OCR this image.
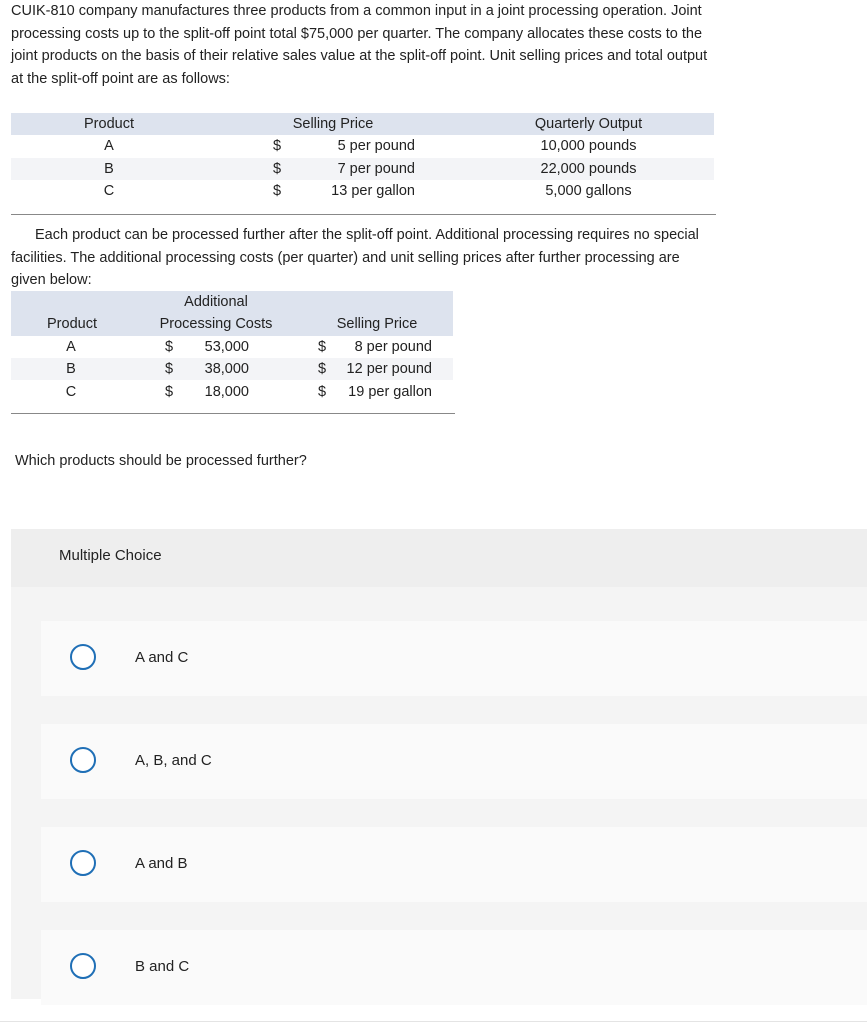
CUIK-810 company manufactures three products from a common input in a joint processing operation. Joint processing costs up to the split-off point total $75,000 per quarter. The company allocates these costs to the joint products on the basis of their relative sales value at the split-off point. Unit selling prices and total output at the split-off point are as follows:

Product	Selling Price	Quarterly Output
A	$	5 per pound	10,000 pounds
B	$	7 per pound	22,000 pounds
C	$	13 per gallon	5,000 gallons

Each product can be processed further after the split-off point. Additional processing requires no special facilities. The additional processing costs (per quarter) and unit selling prices after further processing are given below:

Additional
Product	Processing Costs	Selling Price
A	$	53,000	$	8 per pound
B	$	38,000	$	12 per pound
C	$	18,000	$	19 per gallon

Which products should be processed further?

Multiple Choice
A and C
A, B, and C
A and B
B and C
